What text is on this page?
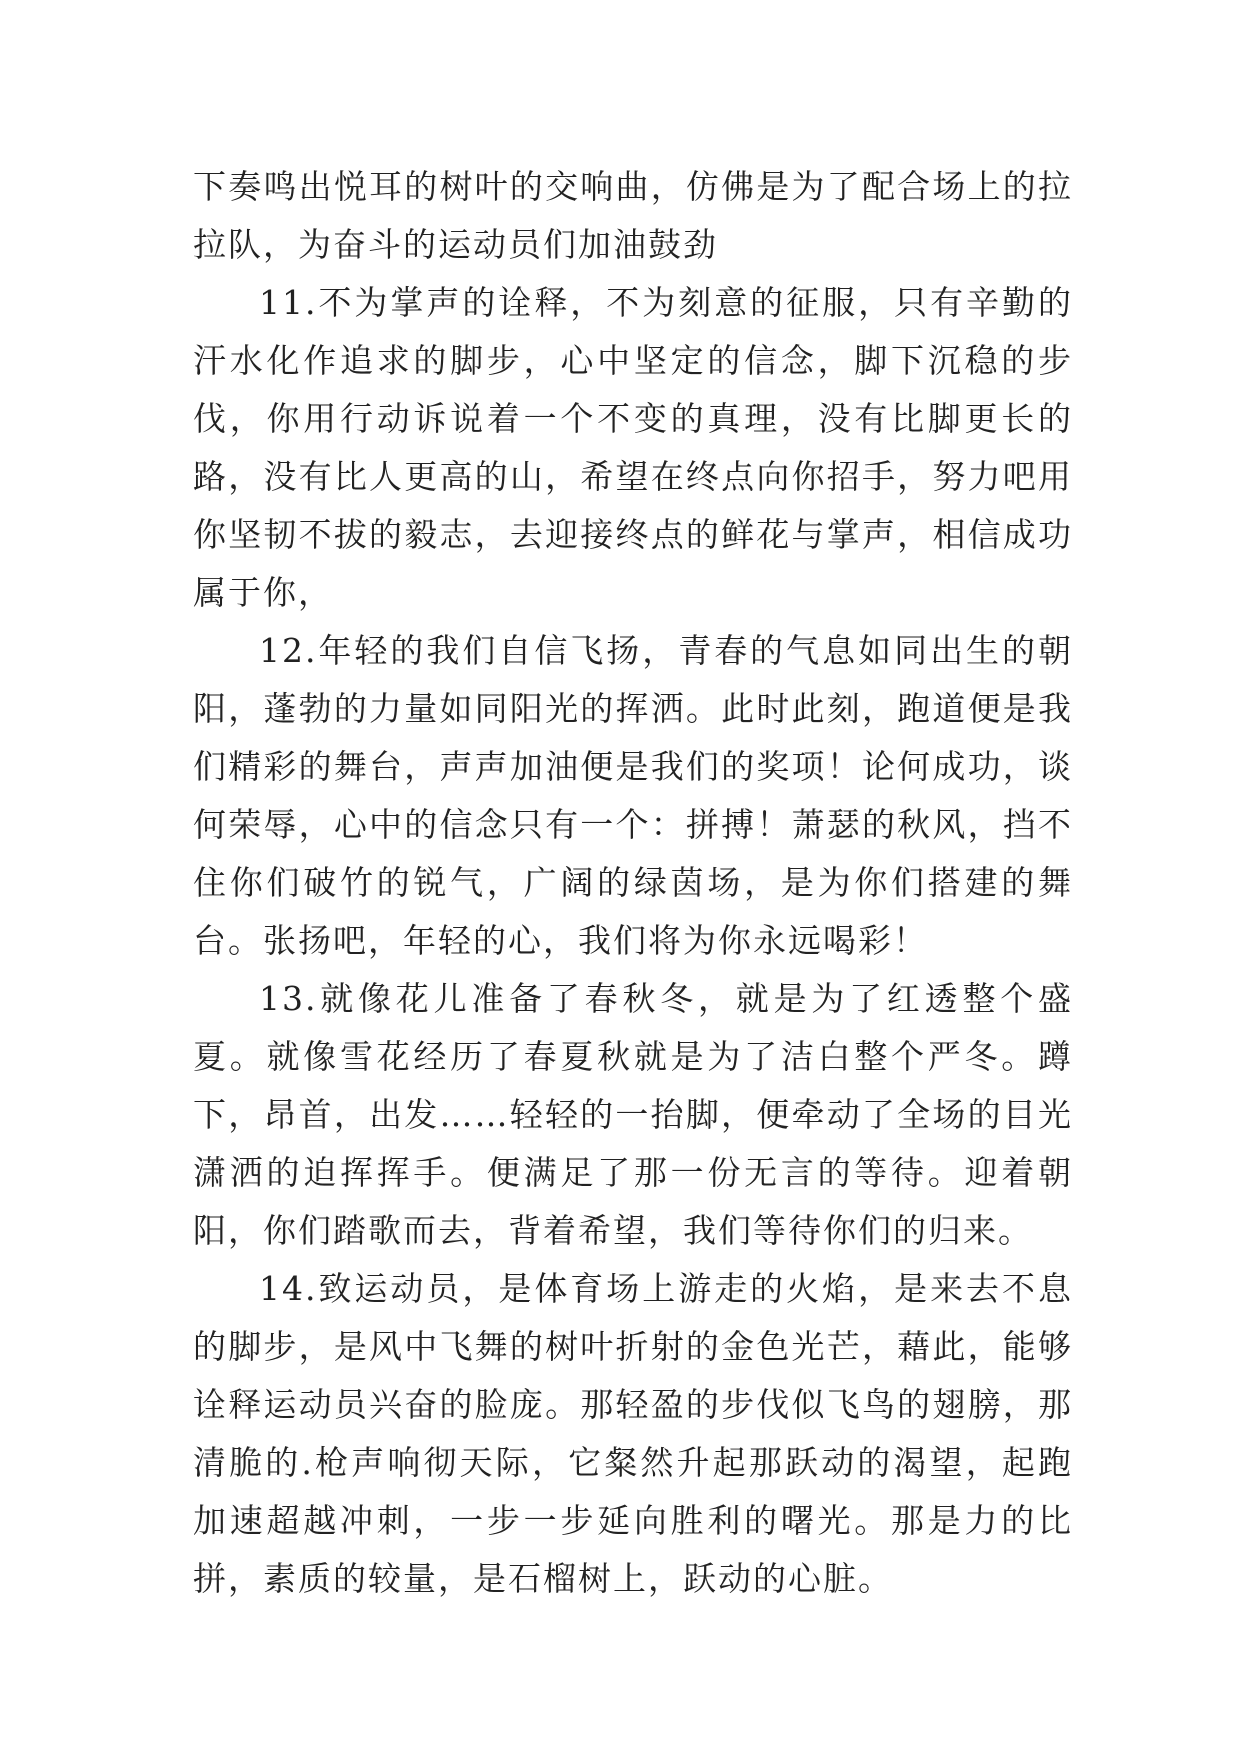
下奏鸣出悦耳的树叶的交响曲，仿佛是为了配合场上的拉拉队，为奋斗的运动员们加油鼓劲

11.不为掌声的诠释，不为刻意的征服，只有辛勤的汗水化作追求的脚步，心中坚定的信念，脚下沉稳的步伐，你用行动诉说着一个不变的真理，没有比脚更长的路，没有比人更高的山，希望在终点向你招手，努力吧用你坚韧不拔的毅志，去迎接终点的鲜花与掌声，相信成功属于你，

12.年轻的我们自信飞扬，青春的气息如同出生的朝阳，蓬勃的力量如同阳光的挥洒。此时此刻，跑道便是我们精彩的舞台，声声加油便是我们的奖项！论何成功，谈何荣辱，心中的信念只有一个：拼搏！萧瑟的秋风，挡不住你们破竹的锐气，广阔的绿茵场，是为你们搭建的舞台。张扬吧，年轻的心，我们将为你永远喝彩！

13.就像花儿准备了春秋冬，就是为了红透整个盛夏。就像雪花经历了春夏秋就是为了洁白整个严冬。蹲下，昂首，出发……轻轻的一抬脚，便牵动了全场的目光潇洒的迫挥挥手。便满足了那一份无言的等待。迎着朝阳，你们踏歌而去，背着希望，我们等待你们的归来。

14.致运动员，是体育场上游走的火焰，是来去不息的脚步，是风中飞舞的树叶折射的金色光芒，藉此，能够诠释运动员兴奋的脸庞。那轻盈的步伐似飞鸟的翅膀，那清脆的.枪声响彻天际，它粲然升起那跃动的渴望，起跑加速超越冲刺，一步一步延向胜利的曙光。那是力的比拼，素质的较量，是石榴树上，跃动的心脏。
